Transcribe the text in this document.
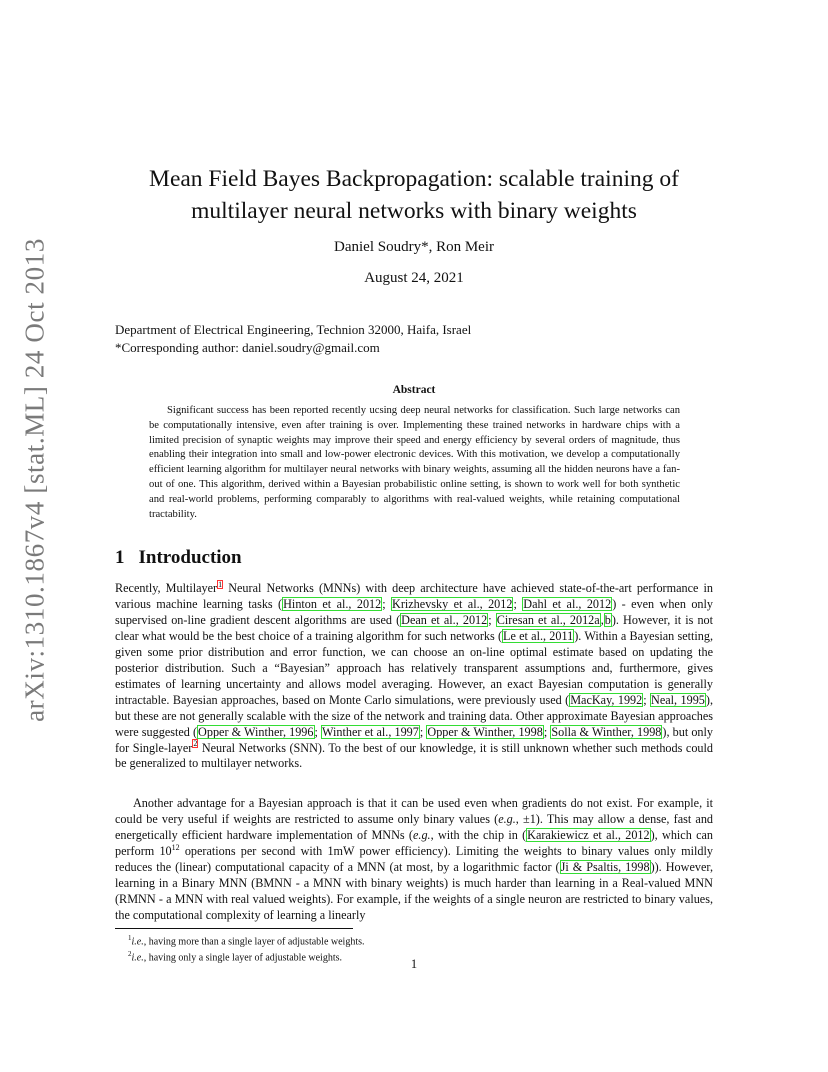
arXiv:1310.1867v4 [stat.ML] 24 Oct 2013
Mean Field Bayes Backpropagation: scalable training of
multilayer neural networks with binary weights
Daniel Soudry*, Ron Meir
August 24, 2021
Department of Electrical Engineering, Technion 32000, Haifa, Israel
*Corresponding author: daniel.soudry@gmail.com
Abstract
Significant success has been reported recently ucsing deep neural networks for classification. Such large networks can be computationally intensive, even after training is over. Implementing these trained networks in hardware chips with a limited precision of synaptic weights may improve their speed and energy efficiency by several orders of magnitude, thus enabling their integration into small and low-power electronic devices. With this motivation, we develop a computationally efficient learning algorithm for multilayer neural networks with binary weights, assuming all the hidden neurons have a fan-out of one. This algorithm, derived within a Bayesian probabilistic online setting, is shown to work well for both synthetic and real-world problems, performing comparably to algorithms with real-valued weights, while retaining computational tractability.
1 Introduction
Recently, Multilayer$^1$ Neural Networks (MNNs) with deep architecture have achieved state-of-the-art performance in various machine learning tasks (Hinton et al., 2012; Krizhevsky et al., 2012; Dahl et al., 2012) - even when only supervised on-line gradient descent algorithms are used (Dean et al., 2012; Ciresan et al., 2012a,b). However, it is not clear what would be the best choice of a training algorithm for such networks (Le et al., 2011). Within a Bayesian setting, given some prior distribution and error function, we can choose an on-line optimal estimate based on updating the posterior distribution. Such a “Bayesian” approach has relatively transparent assumptions and, furthermore, gives estimates of learning uncertainty and allows model averaging. However, an exact Bayesian computation is generally intractable. Bayesian approaches, based on Monte Carlo simulations, were previously used (MacKay, 1992; Neal, 1995), but these are not generally scalable with the size of the network and training data. Other approximate Bayesian approaches were suggested (Opper & Winther, 1996; Winther et al., 1997; Opper & Winther, 1998; Solla & Winther, 1998), but only for Single-layer$^2$ Neural Networks (SNN). To the best of our knowledge, it is still unknown whether such methods could be generalized to multilayer networks.
Another advantage for a Bayesian approach is that it can be used even when gradients do not exist. For example, it could be very useful if weights are restricted to assume only binary values (e.g., ±1). This may allow a dense, fast and energetically efficient hardware implementation of MNNs (e.g., with the chip in (Karakiewicz et al., 2012), which can perform $10^{12}$ operations per second with 1mW power efficiency). Limiting the weights to binary values only mildly reduces the (linear) computational capacity of a MNN (at most, by a logarithmic factor (Ji & Psaltis, 1998)). However, learning in a Binary MNN (BMNN - a MNN with binary weights) is much harder than learning in a Real-valued MNN (RMNN - a MNN with real valued weights). For example, if the weights of a single neuron are restricted to binary values, the computational complexity of learning a linearly
$^1$i.e., having more than a single layer of adjustable weights.
$^2$i.e., having only a single layer of adjustable weights.	1
